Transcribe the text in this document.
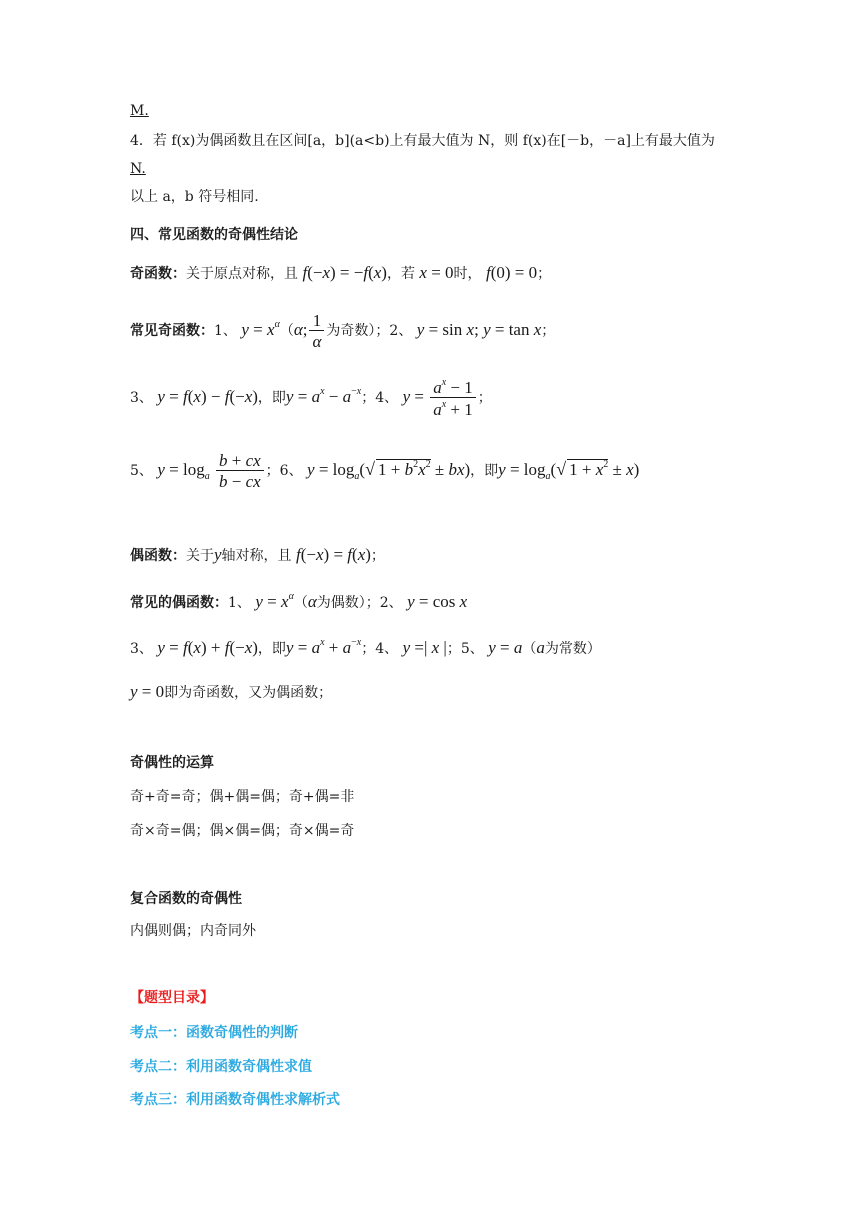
M.
4．若 f(x)为偶函数且在区间[a，b](a<b)上有最大值为 N，则 f(x)在[－b，－a]上有最大值为
N.
以上 a，b 符号相同.
四、常见函数的奇偶性结论
奇函数：关于原点对称，且 f(−x) = −f(x)，若 x = 0时， f(0) = 0；
常见奇函数：1、 $y = x^\alpha(\alpha$; $\frac{1}{\alpha}$ 为奇数）；2、 y = sin x; y = tan x；
3、 y = f(x) − f(−x)，即$y = a^x - a^{-x}$；4、 $y = \frac{a^x - 1}{a^x + 1}$ ；
5、 $y = \log_a \frac{b + cx}{b - cx}$ ；6、 $y = \log_a(√$ $1 + b^2x^2 \pm bx$)，即$y = \log_a(√$ $1 + x^2 \pm x$)
偶函数：关于y轴对称，且 f(−x) = f(x)；
常见的偶函数：1、 $y = x^\alpha(\alpha$为偶数）；2、 y = cos x
3、 y = f(x) + f(−x)，即$y = a^x + a^{-x}$；4、 y =| x |；5、 y = a（a为常数）
y = 0即为奇函数，又为偶函数；
奇偶性的运算
奇+奇=奇；偶+偶=偶；奇+偶=非
奇×奇=偶；偶×偶=偶；奇×偶=奇
复合函数的奇偶性
内偶则偶；内奇同外
【题型目录】
考点一：函数奇偶性的判断
考点二：利用函数奇偶性求值
考点三：利用函数奇偶性求解析式
